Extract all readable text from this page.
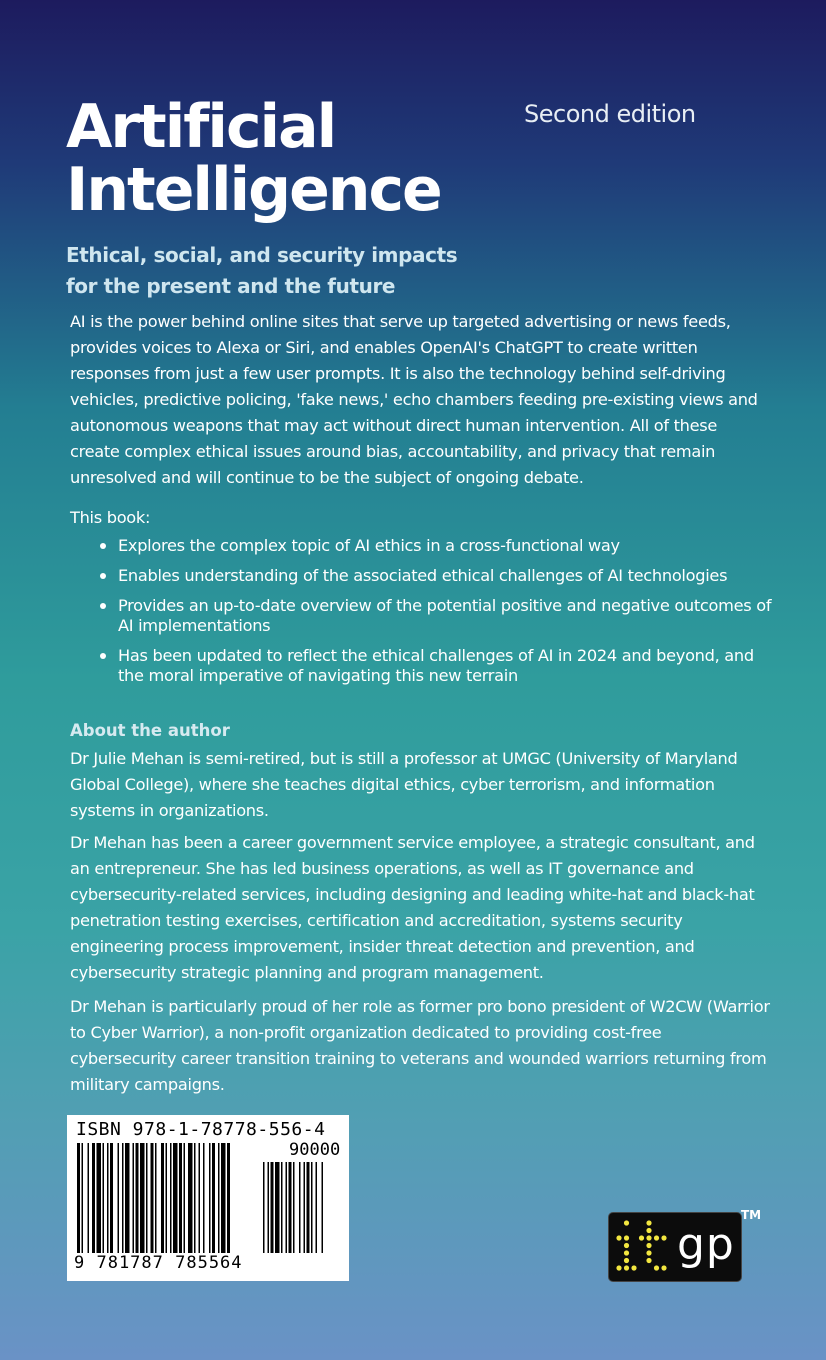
Artificial
Intelligence
Second edition
Ethical, social, and security impacts for the present and the future

AI is the power behind online sites that serve up targeted advertising or news feeds, provides voices to Alexa or Siri, and enables OpenAI's ChatGPT to create written responses from just a few user prompts. It is also the technology behind self-driving vehicles, predictive policing, 'fake news,' echo chambers feeding pre-existing views and autonomous weapons that may act without direct human intervention. All of these create complex ethical issues around bias, accountability, and privacy that remain unresolved and will continue to be the subject of ongoing debate.

This book:

Explores the complex topic of AI ethics in a cross-functional way
Enables understanding of the associated ethical challenges of AI technologies
Provides an up-to-date overview of the potential positive and negative outcomes of AI implementations
Has been updated to reflect the ethical challenges of AI in 2024 and beyond, and the moral imperative of navigating this new terrain
About the author

Dr Julie Mehan is semi-retired, but is still a professor at UMGC (University of Maryland Global College), where she teaches digital ethics, cyber terrorism, and information systems in organizations.

Dr Mehan has been a career government service employee, a strategic consultant, and an entrepreneur. She has led business operations, as well as IT governance and cybersecurity-related services, including designing and leading white-hat and black-hat penetration testing exercises, certification and accreditation, systems security engineering process improvement, insider threat detection and prevention, and cybersecurity strategic planning and program management.

Dr Mehan is particularly proud of her role as former pro bono president of W2CW (Warrior to Cyber Warrior), a non-profit organization dedicated to providing cost-free cybersecurity career transition training to veterans and wounded warriors returning from military campaigns.

ISBN 978-1-78778-556-4
90000
9 781787 785564	gp
TM
